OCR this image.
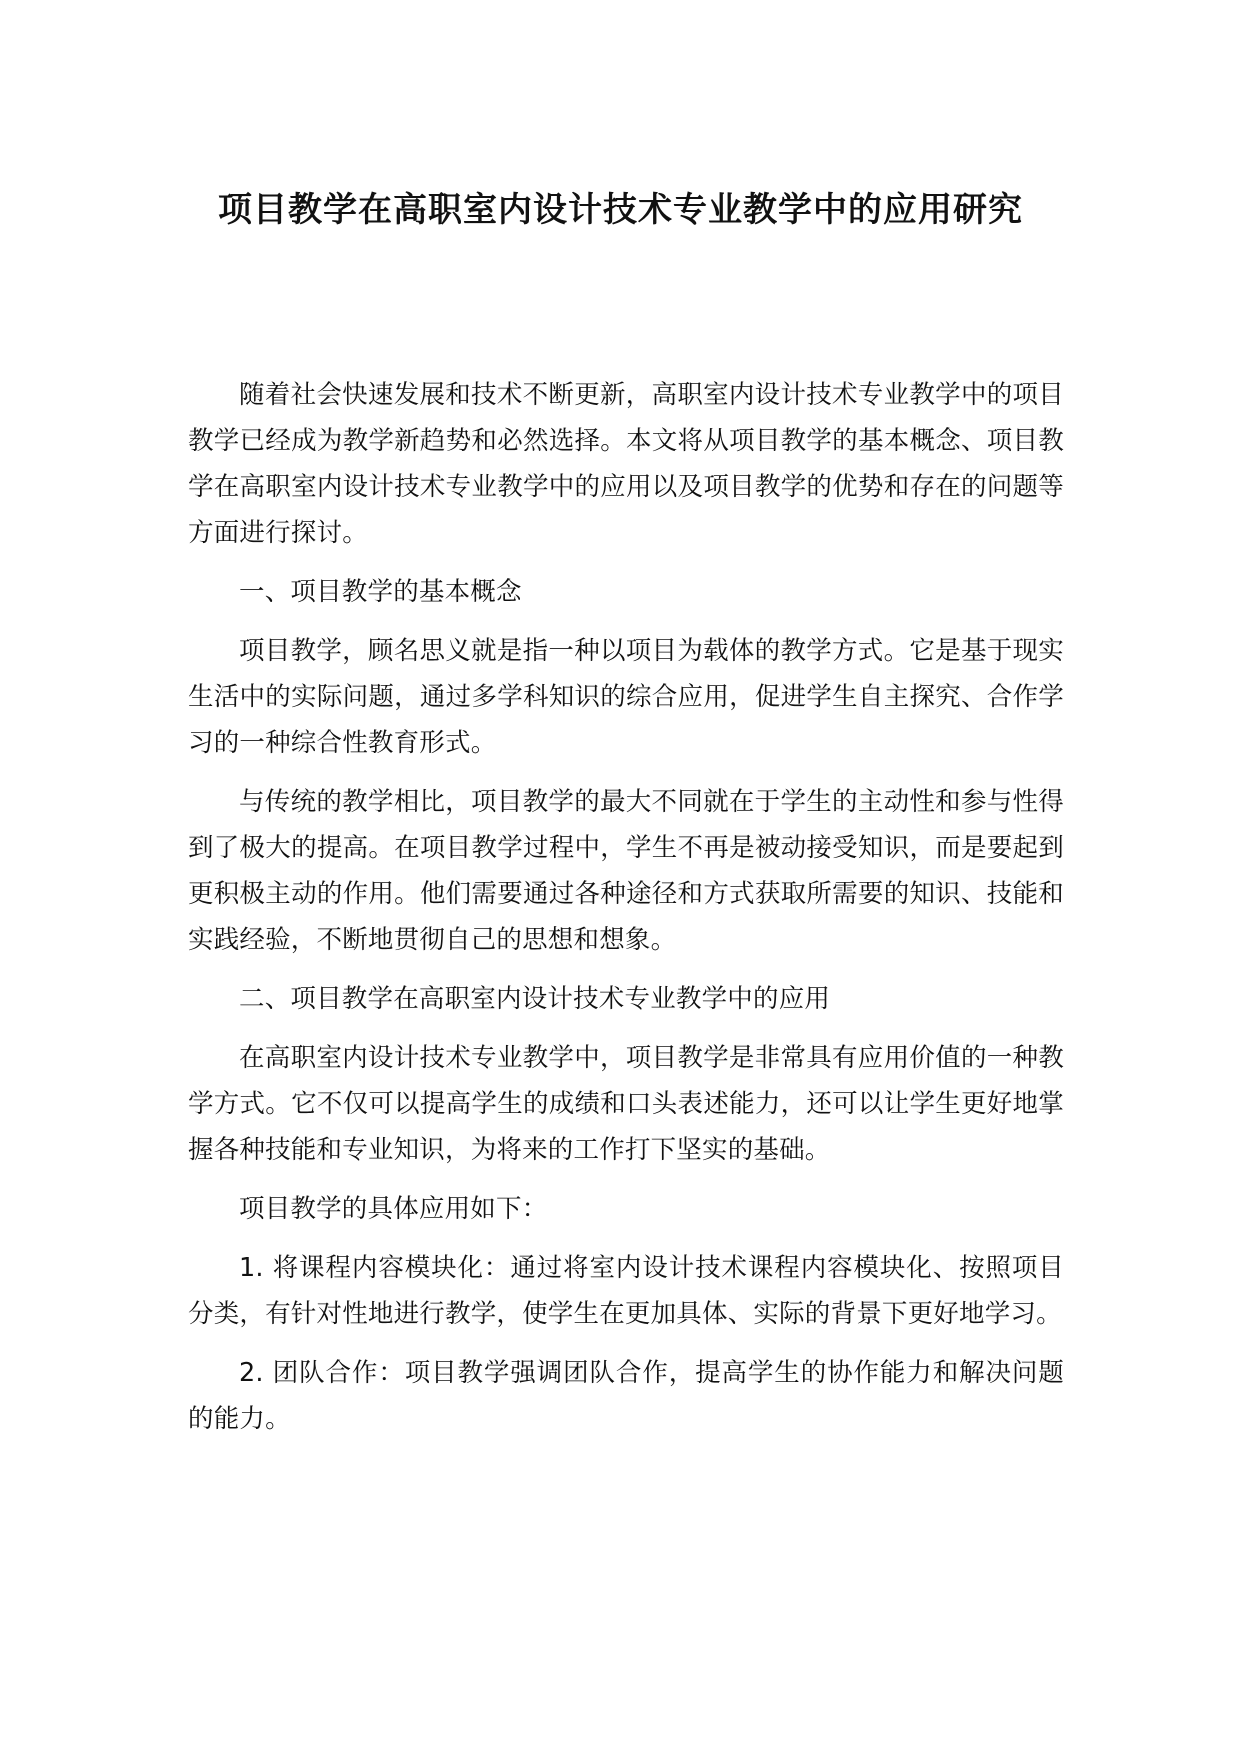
项目教学在高职室内设计技术专业教学中的应用研究

随着社会快速发展和技术不断更新，高职室内设计技术专业教学中的项目教学已经成为教学新趋势和必然选择。本文将从项目教学的基本概念、项目教学在高职室内设计技术专业教学中的应用以及项目教学的优势和存在的问题等方面进行探讨。

一、项目教学的基本概念

项目教学，顾名思义就是指一种以项目为载体的教学方式。它是基于现实生活中的实际问题，通过多学科知识的综合应用，促进学生自主探究、合作学习的一种综合性教育形式。

与传统的教学相比，项目教学的最大不同就在于学生的主动性和参与性得到了极大的提高。在项目教学过程中，学生不再是被动接受知识，而是要起到更积极主动的作用。他们需要通过各种途径和方式获取所需要的知识、技能和实践经验，不断地贯彻自己的思想和想象。

二、项目教学在高职室内设计技术专业教学中的应用

在高职室内设计技术专业教学中，项目教学是非常具有应用价值的一种教学方式。它不仅可以提高学生的成绩和口头表述能力，还可以让学生更好地掌握各种技能和专业知识，为将来的工作打下坚实的基础。

项目教学的具体应用如下：

1. 将课程内容模块化：通过将室内设计技术课程内容模块化、按照项目分类，有针对性地进行教学，使学生在更加具体、实际的背景下更好地学习。

2. 团队合作：项目教学强调团队合作，提高学生的协作能力和解决问题的能力。
